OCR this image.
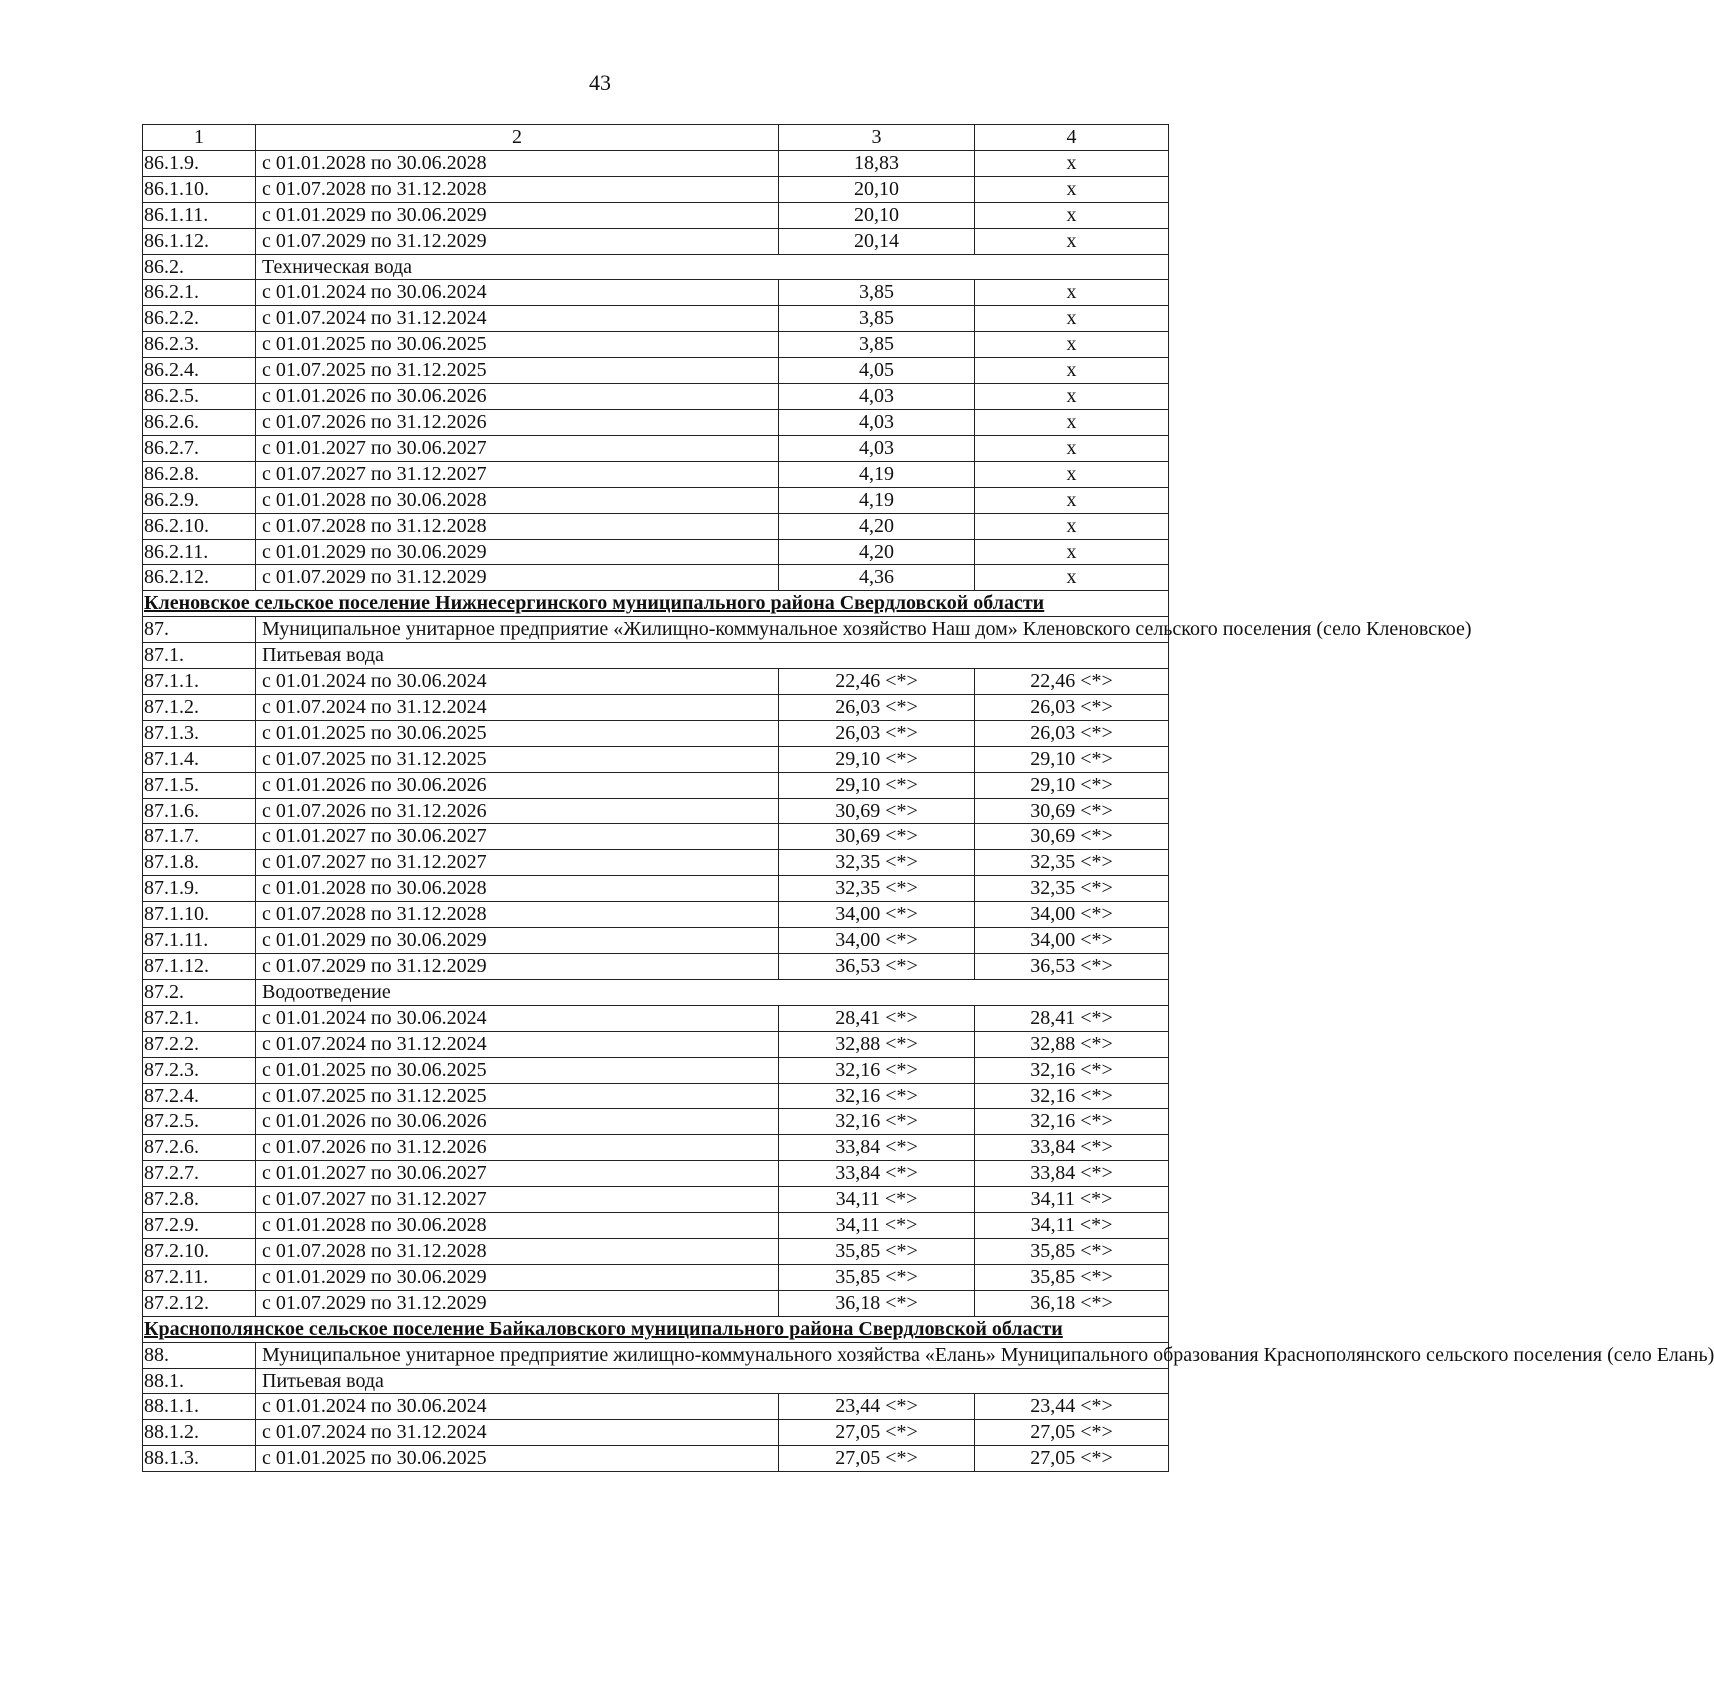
43
1	2	3	4
86.1.9.	с 01.01.2028 по 30.06.2028	18,83	х
86.1.10.	с 01.07.2028 по 31.12.2028	20,10	х
86.1.11.	с 01.01.2029 по 30.06.2029	20,10	х
86.1.12.	с 01.07.2029 по 31.12.2029	20,14	х
86.2.	Техническая вода		
86.2.1.	с 01.01.2024 по 30.06.2024	3,85	х
86.2.2.	с 01.07.2024 по 31.12.2024	3,85	х
86.2.3.	с 01.01.2025 по 30.06.2025	3,85	х
86.2.4.	с 01.07.2025 по 31.12.2025	4,05	х
86.2.5.	с 01.01.2026 по 30.06.2026	4,03	х
86.2.6.	с 01.07.2026 по 31.12.2026	4,03	х
86.2.7.	с 01.01.2027 по 30.06.2027	4,03	х
86.2.8.	с 01.07.2027 по 31.12.2027	4,19	х
86.2.9.	с 01.01.2028 по 30.06.2028	4,19	х
86.2.10.	с 01.07.2028 по 31.12.2028	4,20	х
86.2.11.	с 01.01.2029 по 30.06.2029	4,20	х
86.2.12.	с 01.07.2029 по 31.12.2029	4,36	х
Кленовское сельское поселение Нижнесергинского муниципального района Свердловской области			
87.	Муниципальное унитарное предприятие «Жилищно-коммунальное хозяйство Наш дом» Кленовского сельского поселения (село Кленовское)		
87.1.	Питьевая вода		
87.1.1.	с 01.01.2024 по 30.06.2024	22,46 <*>	22,46 <*>
87.1.2.	с 01.07.2024 по 31.12.2024	26,03 <*>	26,03 <*>
87.1.3.	с 01.01.2025 по 30.06.2025	26,03 <*>	26,03 <*>
87.1.4.	с 01.07.2025 по 31.12.2025	29,10 <*>	29,10 <*>
87.1.5.	с 01.01.2026 по 30.06.2026	29,10 <*>	29,10 <*>
87.1.6.	с 01.07.2026 по 31.12.2026	30,69 <*>	30,69 <*>
87.1.7.	с 01.01.2027 по 30.06.2027	30,69 <*>	30,69 <*>
87.1.8.	с 01.07.2027 по 31.12.2027	32,35 <*>	32,35 <*>
87.1.9.	с 01.01.2028 по 30.06.2028	32,35 <*>	32,35 <*>
87.1.10.	с 01.07.2028 по 31.12.2028	34,00 <*>	34,00 <*>
87.1.11.	с 01.01.2029 по 30.06.2029	34,00 <*>	34,00 <*>
87.1.12.	с 01.07.2029 по 31.12.2029	36,53 <*>	36,53 <*>
87.2.	Водоотведение		
87.2.1.	с 01.01.2024 по 30.06.2024	28,41 <*>	28,41 <*>
87.2.2.	с 01.07.2024 по 31.12.2024	32,88 <*>	32,88 <*>
87.2.3.	с 01.01.2025 по 30.06.2025	32,16 <*>	32,16 <*>
87.2.4.	с 01.07.2025 по 31.12.2025	32,16 <*>	32,16 <*>
87.2.5.	с 01.01.2026 по 30.06.2026	32,16 <*>	32,16 <*>
87.2.6.	с 01.07.2026 по 31.12.2026	33,84 <*>	33,84 <*>
87.2.7.	с 01.01.2027 по 30.06.2027	33,84 <*>	33,84 <*>
87.2.8.	с 01.07.2027 по 31.12.2027	34,11 <*>	34,11 <*>
87.2.9.	с 01.01.2028 по 30.06.2028	34,11 <*>	34,11 <*>
87.2.10.	с 01.07.2028 по 31.12.2028	35,85 <*>	35,85 <*>
87.2.11.	с 01.01.2029 по 30.06.2029	35,85 <*>	35,85 <*>
87.2.12.	с 01.07.2029 по 31.12.2029	36,18 <*>	36,18 <*>
Краснополянское сельское поселение Байкаловского муниципального района Свердловской области			
88.	Муниципальное унитарное предприятие жилищно-коммунального хозяйства «Елань» Муниципального образования Краснополянского сельского поселения (село Елань)		
88.1.	Питьевая вода		
88.1.1.	с 01.01.2024 по 30.06.2024	23,44 <*>	23,44 <*>
88.1.2.	с 01.07.2024 по 31.12.2024	27,05 <*>	27,05 <*>
88.1.3.	с 01.01.2025 по 30.06.2025	27,05 <*>	27,05 <*>
